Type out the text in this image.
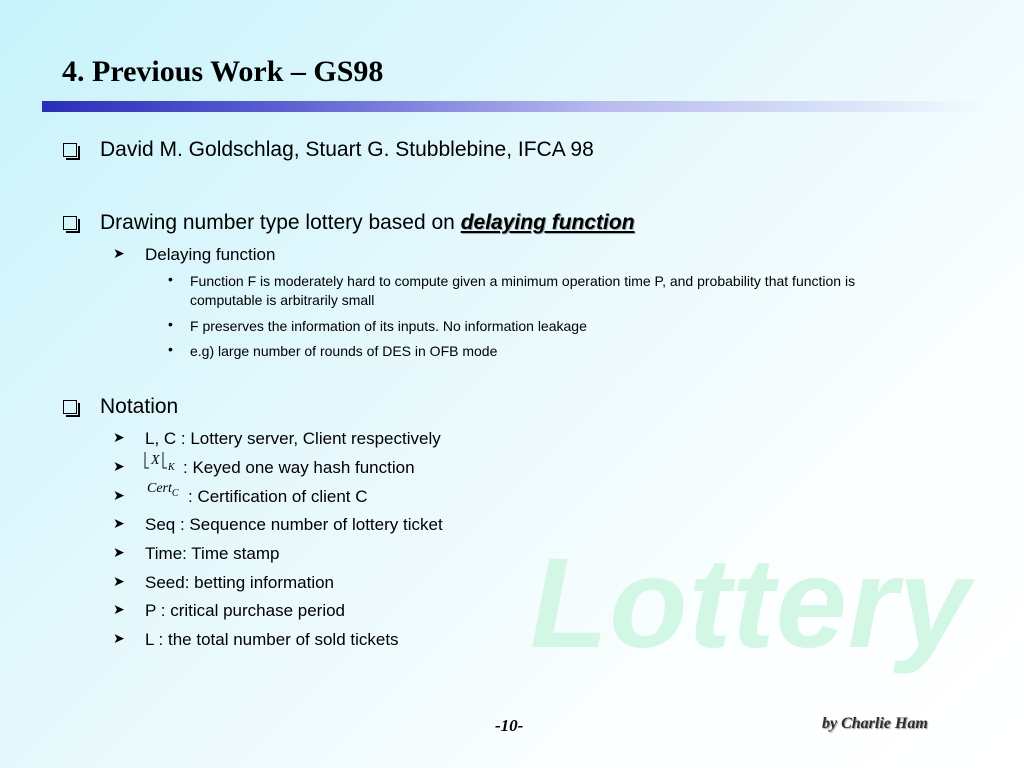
4. Previous Work – GS98
Lottery
David M. Goldschlag, Stuart G. Stubblebine, IFCA 98
Drawing number type lottery based on delaying function
➤ Delaying function
• Function F is moderately hard to compute given a minimum operation time P, and probability that function is computable is arbitrarily small
• F preserves the information of its inputs. No information leakage
• e.g) large number of rounds of DES in OFB mode
Notation
➤ L, C : Lottery server, Client respectively
➤ X K : Keyed one way hash function
➤ Cert$_C$ : Certification of client C
➤ Seq : Sequence number of lottery ticket
➤ Time: Time stamp
➤ Seed: betting information
➤ P : critical purchase period
➤ L : the total number of sold tickets
-10-	by Charlie Ham
